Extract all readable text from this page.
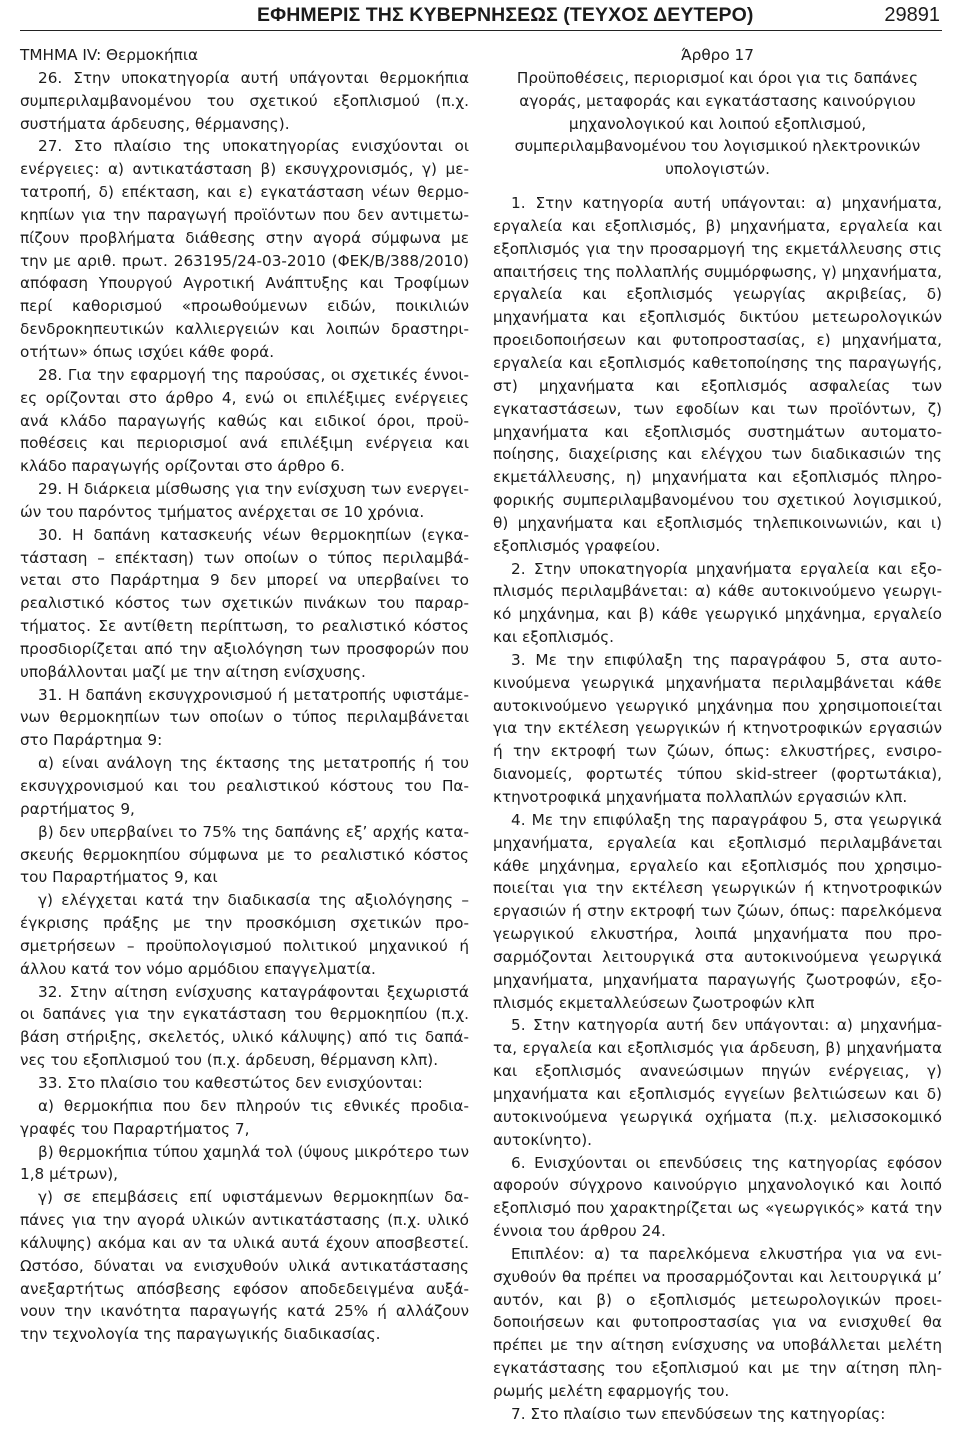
ΕΦΗΜΕΡΙΣ ΤΗΣ ΚΥΒΕΡΝΗΣΕΩΣ (ΤΕΥΧΟΣ ΔΕΥΤΕΡΟ)	29891

ΤΜΗΜΑ IV: Θερμοκήπια

26. Στην υποκατηγορία αυτή υπάγονται θερμοκήπια συμπεριλαμβανομένου του σχετικού εξοπλισμού (π.χ. συστήματα άρδευσης, θέρμανσης).

27. Στο πλαίσιο της υποκατηγορίας ενισχύονται οι ενέργειες: α) αντικατάσταση β) εκσυγχρονισμός, γ) μετατροπή, δ) επέκταση, και ε) εγκατάσταση νέων θερμοκηπίων για την παραγωγή προϊόντων που δεν αντιμετωπίζουν προβλήματα διάθεσης στην αγορά σύμφωνα με την με αριθ. πρωτ. 263195/24-03-2010 (ΦΕΚ/Β/388/2010) απόφαση Υπουργού Αγροτική Ανάπτυξης και Τροφίμων περί καθορισμού «προωθούμενων ειδών, ποικιλιών δενδροκηπευτικών καλλιεργειών και λοιπών δραστηριοτήτων» όπως ισχύει κάθε φορά.

28. Για την εφαρμογή της παρούσας, οι σχετικές έννοιες ορίζονται στο άρθρο 4, ενώ οι επιλέξιμες ενέργειες ανά κλάδο παραγωγής καθώς και ειδικοί όροι, προϋποθέσεις και περιορισμοί ανά επιλέξιμη ενέργεια και κλάδο παραγωγής ορίζονται στο άρθρο 6.

29. Η διάρκεια μίσθωσης για την ενίσχυση των ενεργειών του παρόντος τμήματος ανέρχεται σε 10 χρόνια.

30. Η δαπάνη κατασκευής νέων θερμοκηπίων (εγκατάσταση – επέκταση) των οποίων ο τύπος περιλαμβάνεται στο Παράρτημα 9 δεν μπορεί να υπερβαίνει το ρεαλιστικό κόστος των σχετικών πινάκων του παραρτήματος. Σε αντίθετη περίπτωση, το ρεαλιστικό κόστος προσδιορίζεται από την αξιολόγηση των προσφορών που υποβάλλονται μαζί με την αίτηση ενίσχυσης.

31. Η δαπάνη εκσυγχρονισμού ή μετατροπής υφιστάμενων θερμοκηπίων των οποίων ο τύπος περιλαμβάνεται στο Παράρτημα 9:

α) είναι ανάλογη της έκτασης της μετατροπής ή του εκσυγχρονισμού και του ρεαλιστικού κόστους του Παραρτήματος 9,

β) δεν υπερβαίνει το 75% της δαπάνης εξ’ αρχής κατασκευής θερμοκηπίου σύμφωνα με το ρεαλιστικό κόστος του Παραρτήματος 9, και

γ) ελέγχεται κατά την διαδικασία της αξιολόγησης – έγκρισης πράξης με την προσκόμιση σχετικών προσμετρήσεων – προϋπολογισμού πολιτικού μηχανικού ή άλλου κατά τον νόμο αρμόδιου επαγγελματία.

32. Στην αίτηση ενίσχυσης καταγράφονται ξεχωριστά οι δαπάνες για την εγκατάσταση του θερμοκηπίου (π.χ. βάση στήριξης, σκελετός, υλικό κάλυψης) από τις δαπάνες του εξοπλισμού του (π.χ. άρδευση, θέρμανση κλπ).

33. Στο πλαίσιο του καθεστώτος δεν ενισχύονται:

α) θερμοκήπια που δεν πληρούν τις εθνικές προδιαγραφές του Παραρτήματος 7,

β) θερμοκήπια τύπου χαμηλά τολ (ύψους μικρότερο των 1,8 μέτρων),

γ) σε επεμβάσεις επί υφιστάμενων θερμοκηπίων δαπάνες για την αγορά υλικών αντικατάστασης (π.χ. υλικό κάλυψης) ακόμα και αν τα υλικά αυτά έχουν αποσβεστεί. Ωστόσο, δύναται να ενισχυθούν υλικά αντικατάστασης ανεξαρτήτως απόσβεσης εφόσον αποδεδειγμένα αυξάνουν την ικανότητα παραγωγής κατά 25% ή αλλάζουν την τεχνολογία της παραγωγικής διαδικασίας.

Άρθρο 17

Προϋποθέσεις, περιορισμοί και όροι για τις δαπάνες αγοράς, μεταφοράς και εγκατάστασης καινούργιου μηχανολογικού και λοιπού εξοπλισμού, συμπεριλαμβανομένου του λογισμικού ηλεκτρονικών υπολογιστών.

1. Στην κατηγορία αυτή υπάγονται: α) μηχανήματα, εργαλεία και εξοπλισμός, β) μηχανήματα, εργαλεία και εξοπλισμός για την προσαρμογή της εκμετάλλευσης στις απαιτήσεις της πολλαπλής συμμόρφωσης, γ) μηχανήματα, εργαλεία και εξοπλισμός γεωργίας ακριβείας, δ) μηχανήματα και εξοπλισμός δικτύου μετεωρολογικών προειδοποιήσεων και φυτοπροστασίας, ε) μηχανήματα, εργαλεία και εξοπλισμός καθετοποίησης της παραγωγής, στ) μηχανήματα και εξοπλισμός ασφαλείας των εγκαταστάσεων, των εφοδίων και των προϊόντων, ζ) μηχανήματα και εξοπλισμός συστημάτων αυτοματοποίησης, διαχείρισης και ελέγχου των διαδικασιών της εκμετάλλευσης, η) μηχανήματα και εξοπλισμός πληροφορικής συμπεριλαμβανομένου του σχετικού λογισμικού, θ) μηχανήματα και εξοπλισμός τηλεπικοινωνιών, και ι) εξοπλισμός γραφείου.

2. Στην υποκατηγορία μηχανήματα εργαλεία και εξοπλισμός περιλαμβάνεται: α) κάθε αυτοκινούμενο γεωργικό μηχάνημα, και β) κάθε γεωργικό μηχάνημα, εργαλείο και εξοπλισμός.

3. Με την επιφύλαξη της παραγράφου 5, στα αυτοκινούμενα γεωργικά μηχανήματα περιλαμβάνεται κάθε αυτοκινούμενο γεωργικό μηχάνημα που χρησιμοποιείται για την εκτέλεση γεωργικών ή κτηνοτροφικών εργασιών ή την εκτροφή των ζώων, όπως: ελκυστήρες, ενσιροδιανομείς, φορτωτές τύπου skid-streer (φορτωτάκια), κτηνοτροφικά μηχανήματα πολλαπλών εργασιών κλπ.

4. Με την επιφύλαξη της παραγράφου 5, στα γεωργικά μηχανήματα, εργαλεία και εξοπλισμό περιλαμβάνεται κάθε μηχάνημα, εργαλείο και εξοπλισμός που χρησιμοποιείται για την εκτέλεση γεωργικών ή κτηνοτροφικών εργασιών ή στην εκτροφή των ζώων, όπως: παρελκόμενα γεωργικού ελκυστήρα, λοιπά μηχανήματα που προσαρμόζονται λειτουργικά στα αυτοκινούμενα γεωργικά μηχανήματα, μηχανήματα παραγωγής ζωοτροφών, εξοπλισμός εκμεταλλεύσεων ζωοτροφών κλπ

5. Στην κατηγορία αυτή δεν υπάγονται: α) μηχανήματα, εργαλεία και εξοπλισμός για άρδευση, β) μηχανήματα και εξοπλισμός ανανεώσιμων πηγών ενέργειας, γ) μηχανήματα και εξοπλισμός εγγείων βελτιώσεων και δ) αυτοκινούμενα γεωργικά οχήματα (π.χ. μελισσοκομικό αυτοκίνητο).

6. Ενισχύονται οι επενδύσεις της κατηγορίας εφόσον αφορούν σύγχρονο καινούργιο μηχανολογικό και λοιπό εξοπλισμό που χαρακτηρίζεται ως «γεωργικός» κατά την έννοια του άρθρου 24.

Επιπλέον: α) τα παρελκόμενα ελκυστήρα για να ενισχυθούν θα πρέπει να προσαρμόζονται και λειτουργικά μ’ αυτόν, και β) ο εξοπλισμός μετεωρολογικών προειδοποιήσεων και φυτοπροστασίας για να ενισχυθεί θα πρέπει με την αίτηση ενίσχυσης να υποβάλλεται μελέτη εγκατάστασης του εξοπλισμού και με την αίτηση πληρωμής μελέτη εφαρμογής του.

7. Στο πλαίσιο των επενδύσεων της κατηγορίας:
